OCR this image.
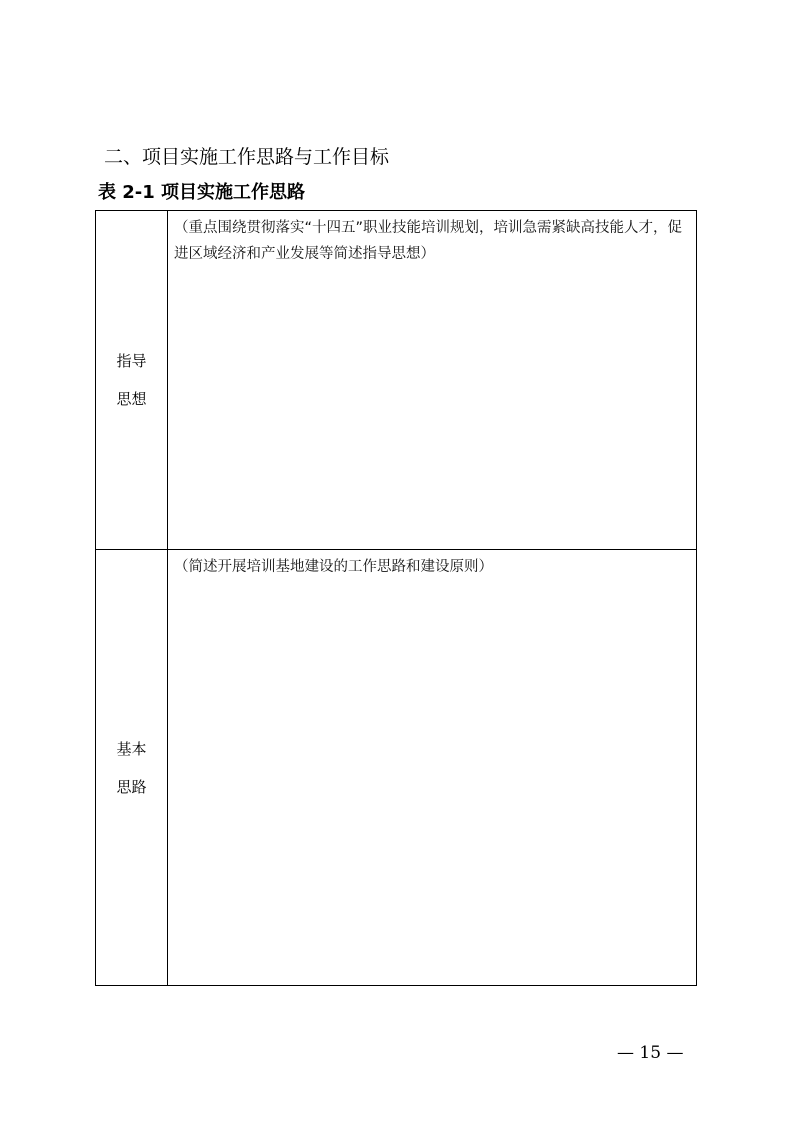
二、项目实施工作思路与工作目标
表 2-1 项目实施工作思路
指导
思想
（重点围绕贯彻落实“十四五”职业技能培训规划，培训急需紧缺高技能人才，促进区域经济和产业发展等简述指导思想）
基本
思路
（简述开展培训基地建设的工作思路和建设原则）
— 15 —
